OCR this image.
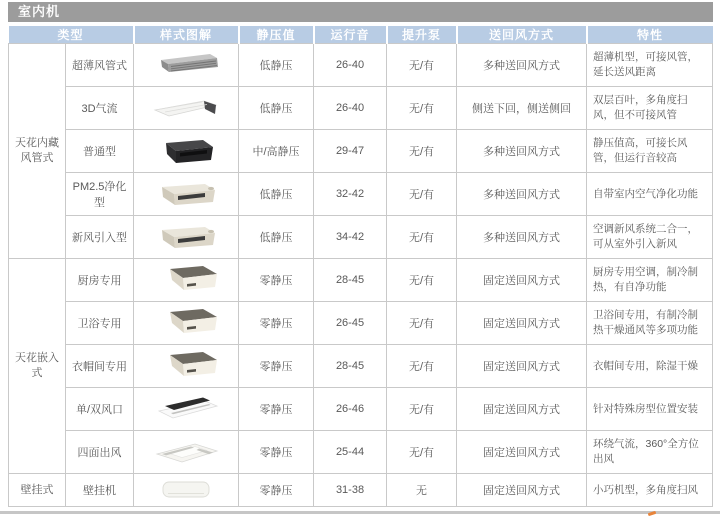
室内机
类型		样式图解	静压值	运行音	提升泵	送回风方式	特性
天花内藏风管式	超薄风管式		低静压	26-40	无/有	多种送回风方式	超薄机型，可接风管，延长送风距离
	3D气流		低静压	26-40	无/有	侧送下回，侧送侧回	双层百叶，多角度扫风，但不可接风管
	普通型		中/高静压	29-47	无/有	多种送回风方式	静压值高，可接长风管，但运行音较高
	PM2.5净化型		低静压	32-42	无/有	多种送回风方式	自带室内空气净化功能
	新风引入型		低静压	34-42	无/有	多种送回风方式	空调新风系统二合一，可从室外引入新风
天花嵌入式	厨房专用		零静压	28-45	无/有	固定送回风方式	厨房专用空调，制冷制热，有自净功能
	卫浴专用		零静压	26-45	无/有	固定送回风方式	卫浴间专用，有制冷制热干燥通风等多项功能
	衣帽间专用		零静压	28-45	无/有	固定送回风方式	衣帽间专用，除湿干燥
	单/双风口		零静压	26-46	无/有	固定送回风方式	针对特殊房型位置安装
	四面出风		零静压	25-44	无/有	固定送回风方式	环绕气流，360°全方位出风
壁挂式	壁挂机		零静压	31-38	无	固定送回风方式	小巧机型，多角度扫风
